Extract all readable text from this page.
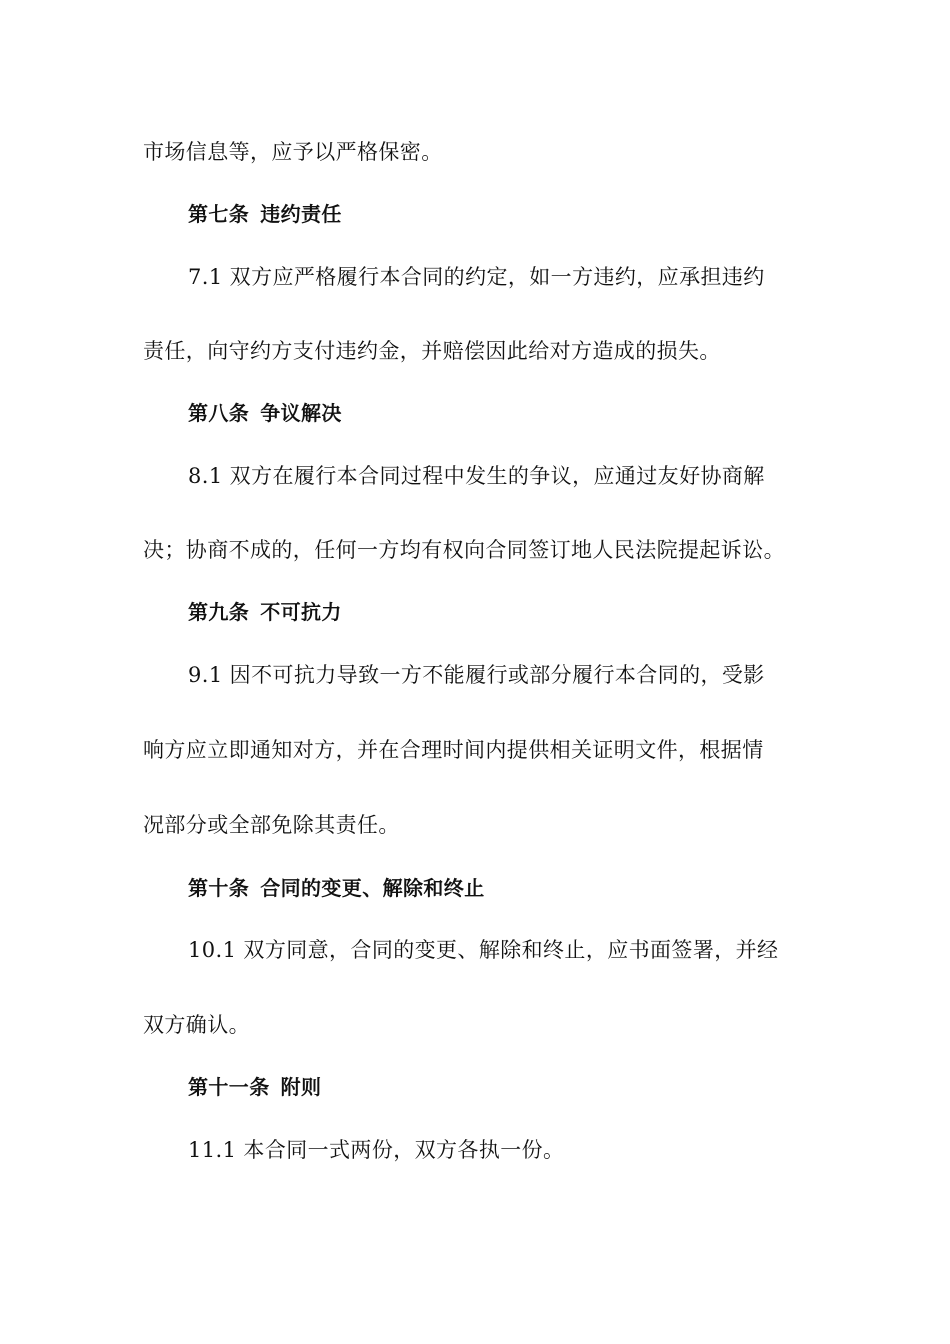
市场信息等，应予以严格保密。
第七条 违约责任
7.1 双方应严格履行本合同的约定，如一方违约，应承担违约
责任，向守约方支付违约金，并赔偿因此给对方造成的损失。
第八条 争议解决
8.1 双方在履行本合同过程中发生的争议，应通过友好协商解
决；协商不成的，任何一方均有权向合同签订地人民法院提起诉讼。
第九条 不可抗力
9.1 因不可抗力导致一方不能履行或部分履行本合同的，受影
响方应立即通知对方，并在合理时间内提供相关证明文件，根据情
况部分或全部免除其责任。
第十条 合同的变更、解除和终止
10.1 双方同意，合同的变更、解除和终止，应书面签署，并经
双方确认。
第十一条 附则
11.1 本合同一式两份，双方各执一份。
